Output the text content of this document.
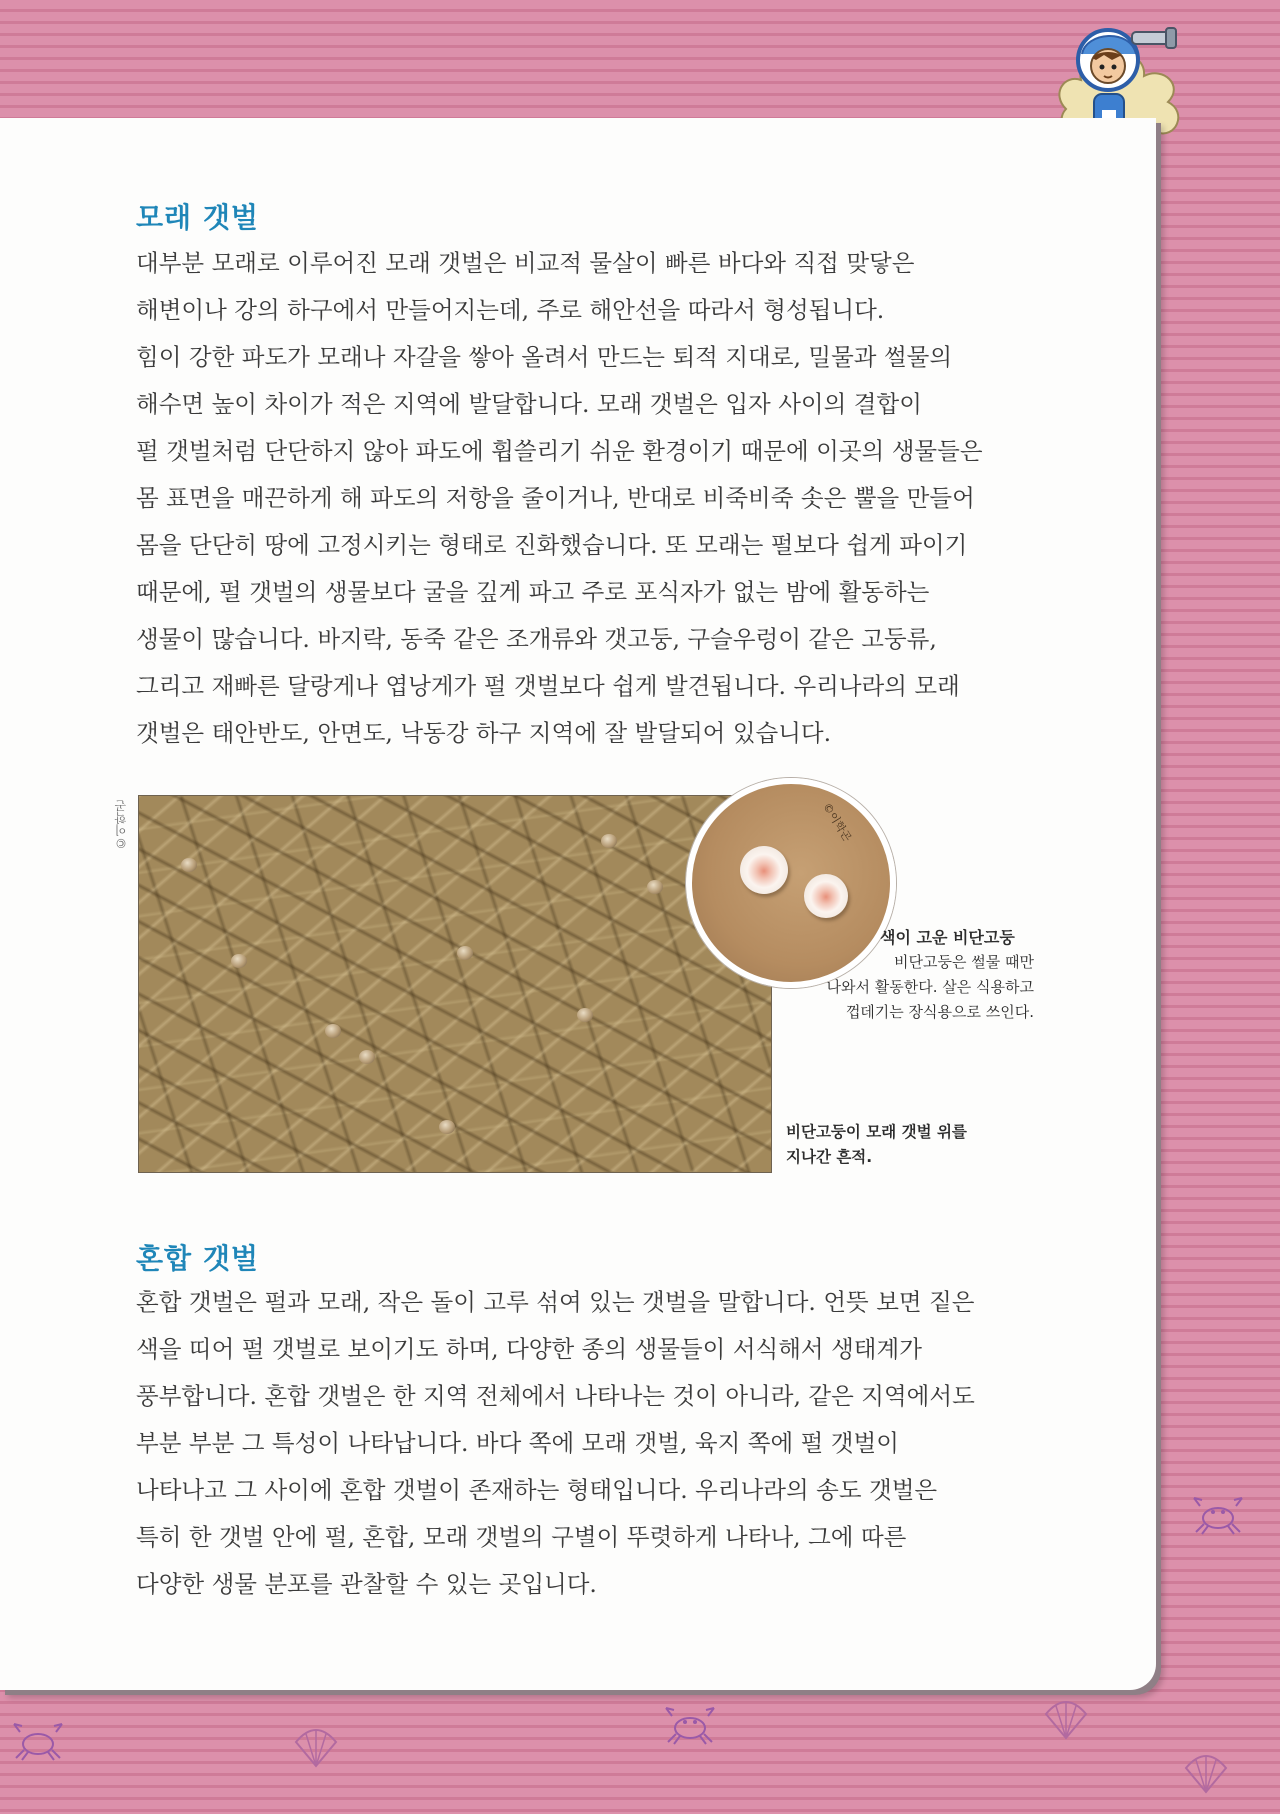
모래 갯벌

대부분 모래로 이루어진 모래 갯벌은 비교적 물살이 빠른 바다와 직접 맞닿은
해변이나 강의 하구에서 만들어지는데, 주로 해안선을 따라서 형성됩니다.
힘이 강한 파도가 모래나 자갈을 쌓아 올려서 만드는 퇴적 지대로, 밀물과 썰물의
해수면 높이 차이가 적은 지역에 발달합니다. 모래 갯벌은 입자 사이의 결합이
펄 갯벌처럼 단단하지 않아 파도에 휩쓸리기 쉬운 환경이기 때문에 이곳의 생물들은
몸 표면을 매끈하게 해 파도의 저항을 줄이거나, 반대로 비죽비죽 솟은 뿔을 만들어
몸을 단단히 땅에 고정시키는 형태로 진화했습니다. 또 모래는 펄보다 쉽게 파이기
때문에, 펄 갯벌의 생물보다 굴을 깊게 파고 주로 포식자가 없는 밤에 활동하는
생물이 많습니다. 바지락, 동죽 같은 조개류와 갯고둥, 구슬우렁이 같은 고둥류,
그리고 재빠른 달랑게나 엽낭게가 펄 갯벌보다 쉽게 발견됩니다. 우리나라의 모래
갯벌은 태안반도, 안면도, 낙동강 하구 지역에 잘 발달되어 있습니다.

©이학곤	©이학곤
색이 고운 비단고둥
비단고둥은 썰물 때만
나와서 활동한다. 살은 식용하고
껍데기는 장식용으로 쓰인다.
비단고둥이 모래 갯벌 위를
지나간 흔적.
혼합 갯벌

혼합 갯벌은 펄과 모래, 작은 돌이 고루 섞여 있는 갯벌을 말합니다. 언뜻 보면 짙은
색을 띠어 펄 갯벌로 보이기도 하며, 다양한 종의 생물들이 서식해서 생태계가
풍부합니다. 혼합 갯벌은 한 지역 전체에서 나타나는 것이 아니라, 같은 지역에서도
부분 부분 그 특성이 나타납니다. 바다 쪽에 모래 갯벌, 육지 쪽에 펄 갯벌이
나타나고 그 사이에 혼합 갯벌이 존재하는 형태입니다. 우리나라의 송도 갯벌은
특히 한 갯벌 안에 펄, 혼합, 모래 갯벌의 구별이 뚜렷하게 나타나, 그에 따른
다양한 생물 분포를 관찰할 수 있는 곳입니다.
